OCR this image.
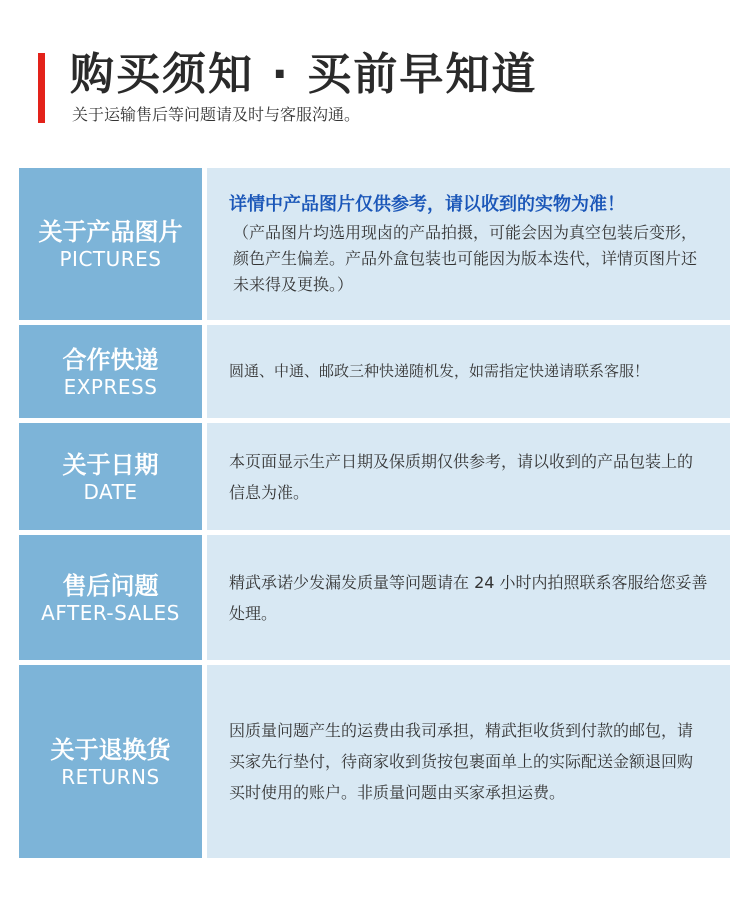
购买须知 · 买前早知道
关于运输售后等问题请及时与客服沟通。
关于产品图片
PICTURES
详情中产品图片仅供参考，请以收到的实物为准！
（产品图片均选用现卤的产品拍摄，可能会因为真空包装后变形，颜色产生偏差。产品外盒包装也可能因为版本迭代，详情页图片还未来得及更换。）
合作快递
EXPRESS
圆通、中通、邮政三种快递随机发，如需指定快递请联系客服！
关于日期
DATE
本页面显示生产日期及保质期仅供参考，请以收到的产品包装上的信息为准。
售后问题
AFTER-SALES
精武承诺少发漏发质量等问题请在 24 小时内拍照联系客服给您妥善处理。
关于退换货
RETURNS
因质量问题产生的运费由我司承担，精武拒收货到付款的邮包，请买家先行垫付，待商家收到货按包裹面单上的实际配送金额退回购买时使用的账户。非质量问题由买家承担运费。
